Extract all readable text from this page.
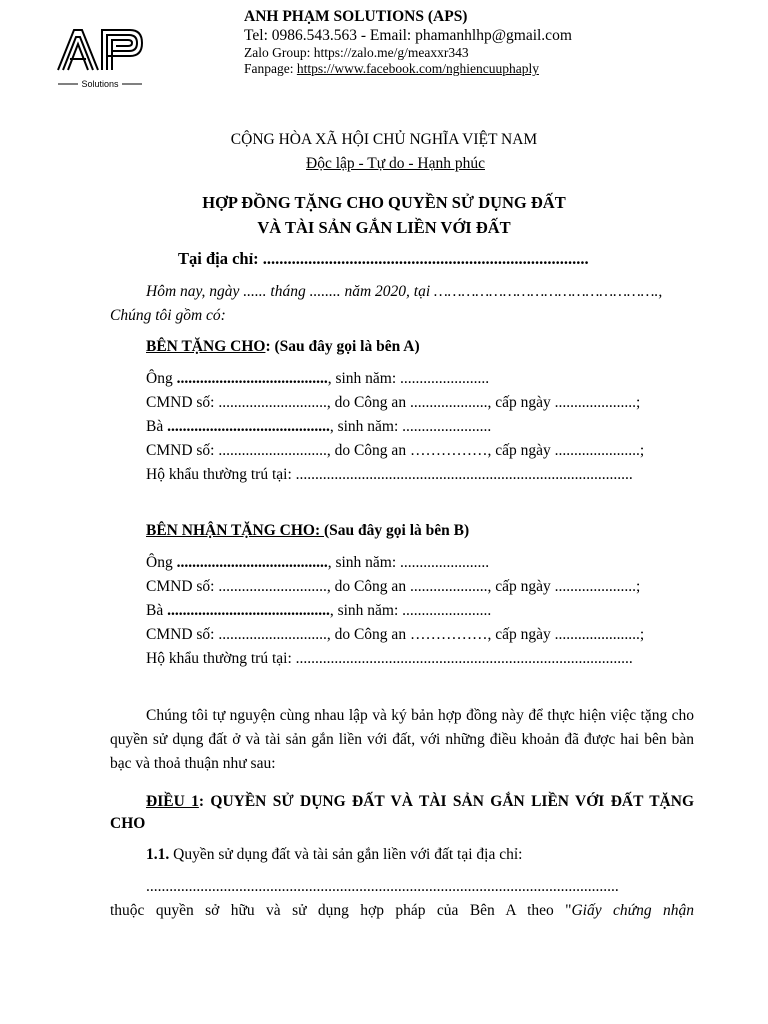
Solutions
ANH PHẠM SOLUTIONS (APS)
Tel: 0986.543.563 - Email: phamanhlhp@gmail.com
Zalo Group: https://zalo.me/g/meaxxr343
Fanpage: https://www.facebook.com/nghiencuuphaply
CỘNG HÒA XÃ HỘI CHỦ NGHĨA VIỆT NAM
Độc lập - Tự do - Hạnh phúc
HỢP ĐỒNG TẶNG CHO QUYỀN SỬ DỤNG ĐẤT
VÀ TÀI SẢN GẮN LIỀN VỚI ĐẤT
Tại địa chỉ: ...............................................................................
Hôm nay, ngày ...... tháng ........ năm 2020, tại ………………………………………….,
Chúng tôi gồm có:
BÊN TẶNG CHO: (Sau đây gọi là bên A)
Ông ......................................., sinh năm: .......................
CMND số: ............................, do Công an ...................., cấp ngày .....................;
Bà .........................................., sinh năm: .......................
CMND số: ............................, do Công an ……………, cấp ngày ......................;
Hộ khẩu thường trú tại: .......................................................................................
BÊN NHẬN TẶNG CHO: (Sau đây gọi là bên B)
Ông ......................................., sinh năm: .......................
CMND số: ............................, do Công an ...................., cấp ngày .....................;
Bà .........................................., sinh năm: .......................
CMND số: ............................, do Công an ……………, cấp ngày ......................;
Hộ khẩu thường trú tại: .......................................................................................
Chúng tôi tự nguyện cùng nhau lập và ký bản hợp đồng này để thực hiện việc tặng cho quyền sử dụng đất ở và tài sản gắn liền với đất, với những điều khoản đã được hai bên bàn bạc và thoả thuận như sau:
ĐIỀU 1: QUYỀN SỬ DỤNG ĐẤT VÀ TÀI SẢN GẮN LIỀN VỚI ĐẤT TẶNG CHO
1.1. Quyền sử dụng đất và tài sản gắn liền với đất tại địa chỉ:
..........................................................................................................................
thuộc quyền sở hữu và sử dụng hợp pháp của Bên A theo "Giấy chứng nhận
